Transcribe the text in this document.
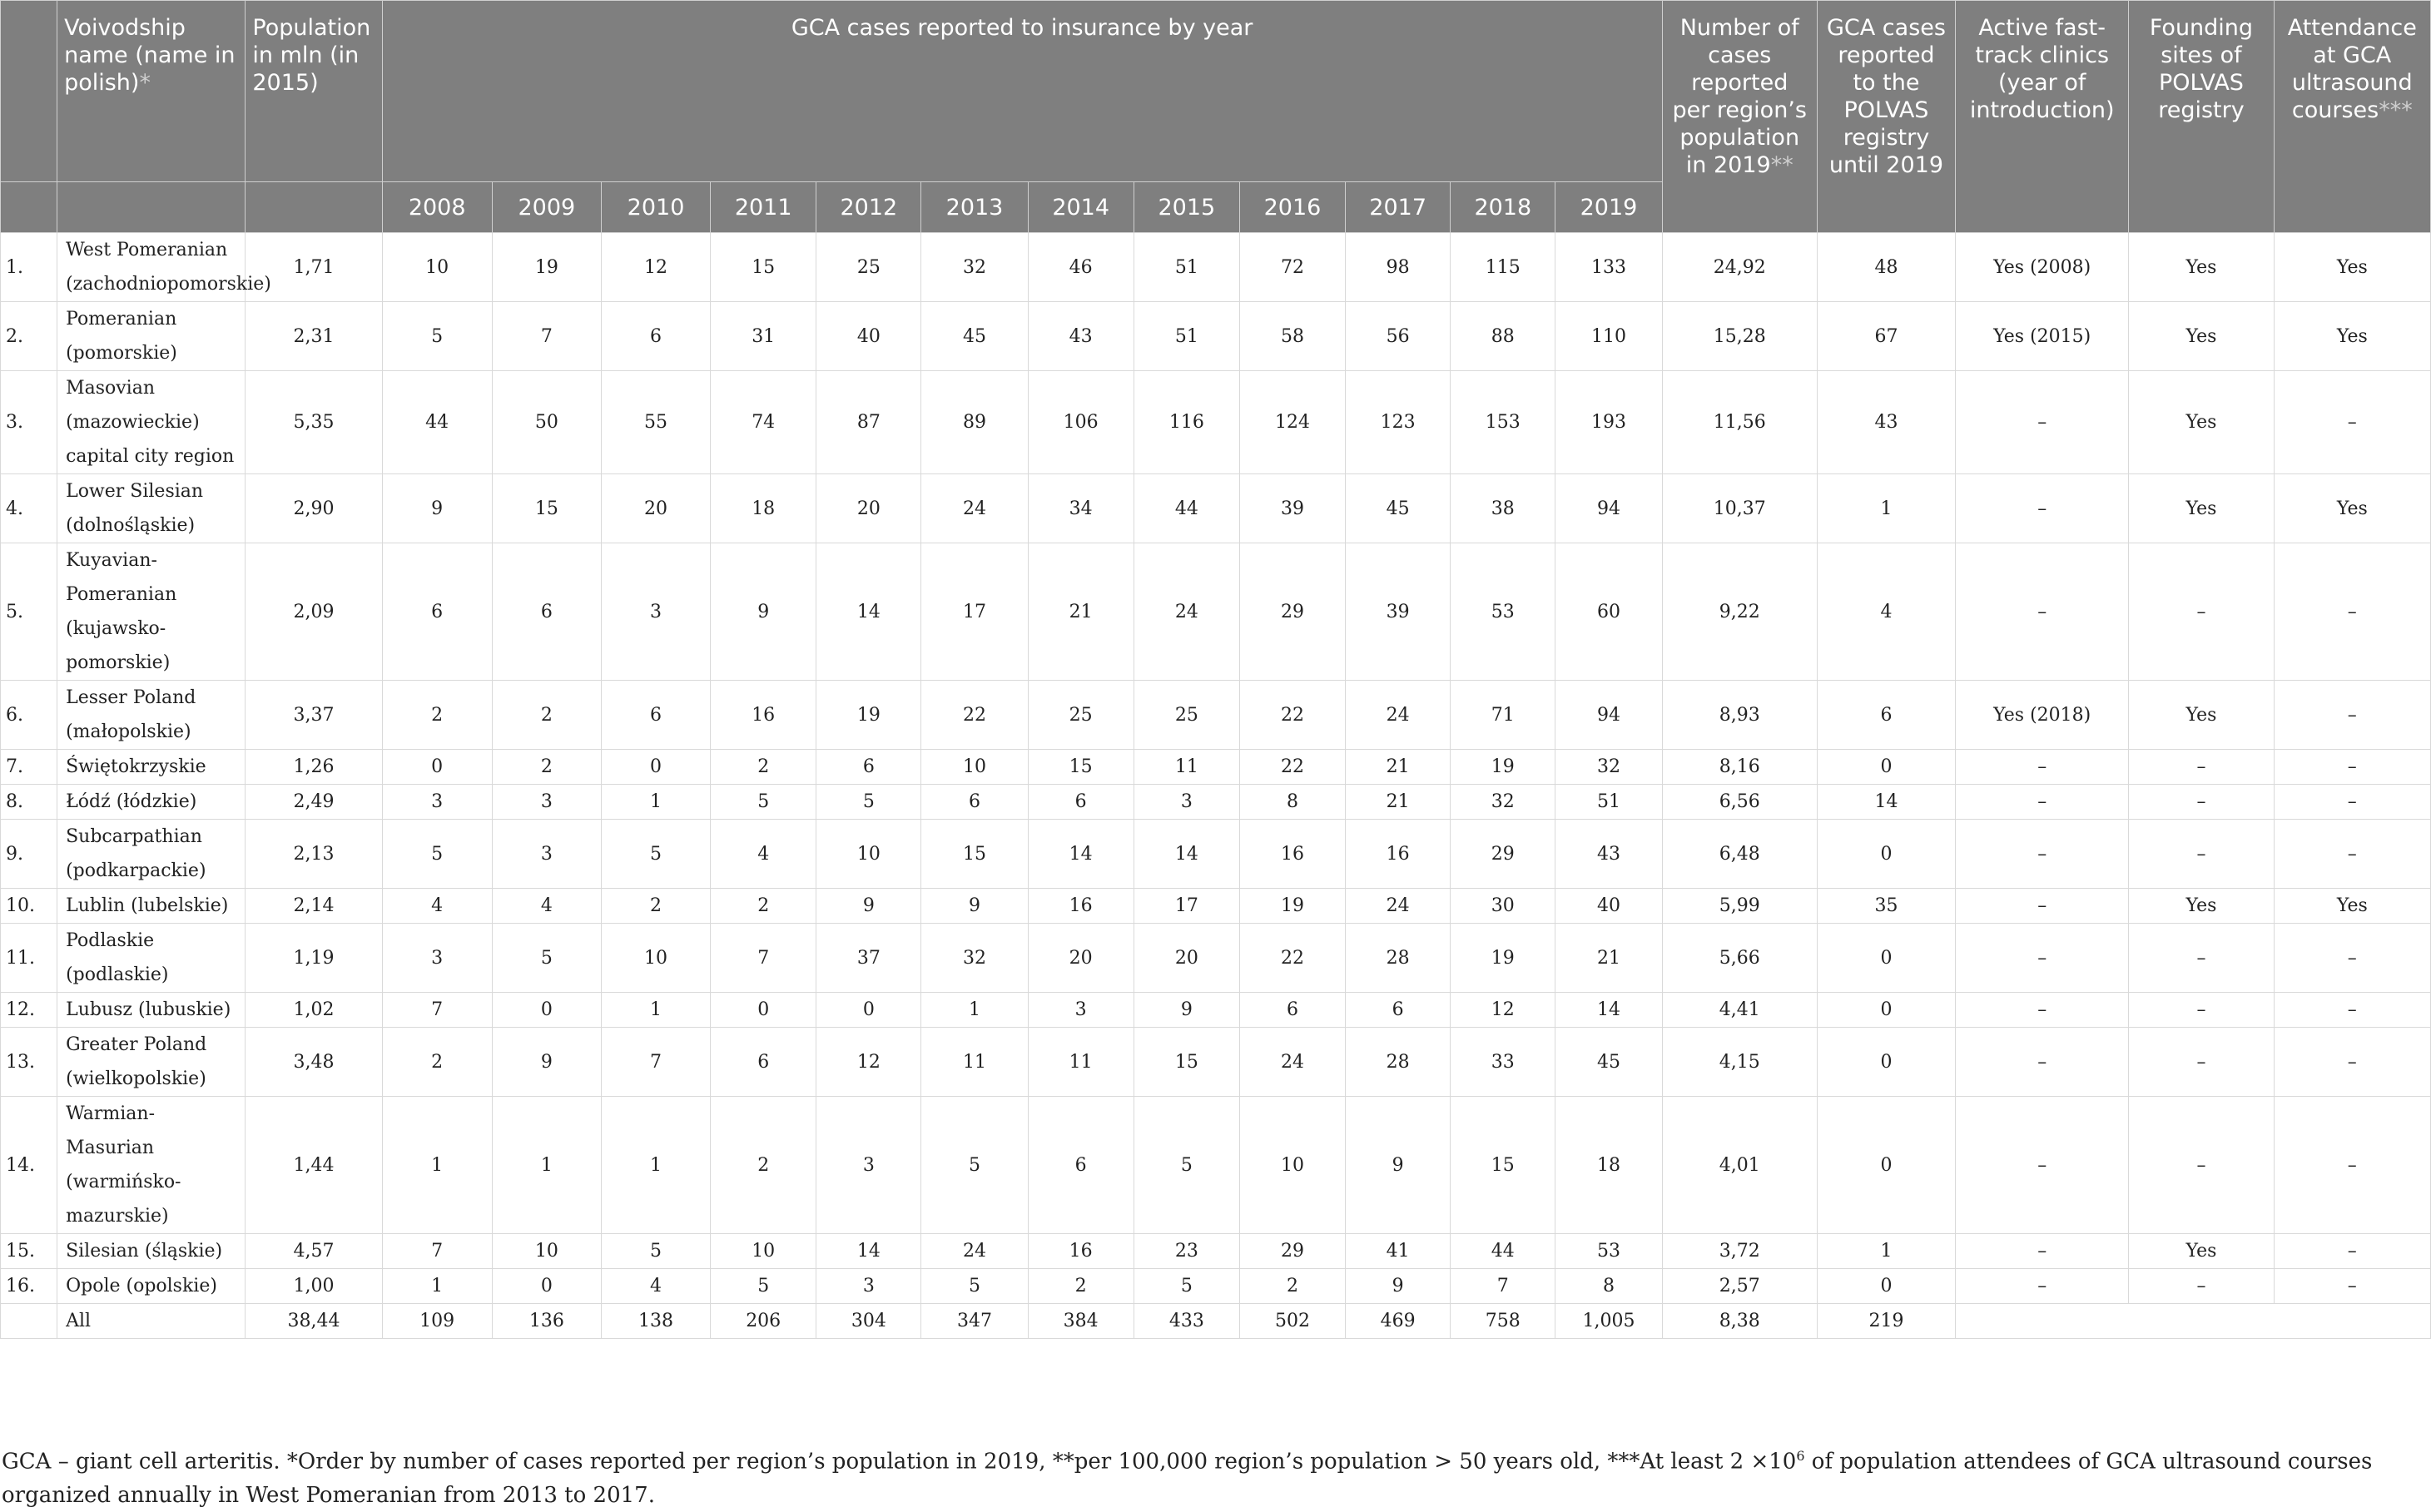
	Voivodship name (name in polish)*	Population in mln (in 2015)	GCA cases reported to insurance by year												Number of cases reported per region’s population in 2019**	GCA cases reported to the POLVAS registry until 2019	Active fast-track clinics (year of introduction)	Founding sites of POLVAS registry	Attendance at GCA ultrasound courses***
			2008	2009	2010	2011	2012	2013	2014	2015	2016	2017	2018	2019					
1.	West Pomeranian (zachodniopomorskie)	1,71	10	19	12	15	25	32	46	51	72	98	115	133	24,92	48	Yes (2008)	Yes	Yes
2.	Pomeranian (pomorskie)	2,31	5	7	6	31	40	45	43	51	58	56	88	110	15,28	67	Yes (2015)	Yes	Yes
3.	Masovian (mazowieckie) capital city region	5,35	44	50	55	74	87	89	106	116	124	123	153	193	11,56	43	–	Yes	–
4.	Lower Silesian (dolnośląskie)	2,90	9	15	20	18	20	24	34	44	39	45	38	94	10,37	1	–	Yes	Yes
5.	Kuyavian-Pomeranian (kujawsko-pomorskie)	2,09	6	6	3	9	14	17	21	24	29	39	53	60	9,22	4	–	–	–
6.	Lesser Poland (małopolskie)	3,37	2	2	6	16	19	22	25	25	22	24	71	94	8,93	6	Yes (2018)	Yes	–
7.	Świętokrzyskie	1,26	0	2	0	2	6	10	15	11	22	21	19	32	8,16	0	–	–	–
8.	Łódź (łódzkie)	2,49	3	3	1	5	5	6	6	3	8	21	32	51	6,56	14	–	–	–
9.	Subcarpathian (podkarpackie)	2,13	5	3	5	4	10	15	14	14	16	16	29	43	6,48	0	–	–	–
10.	Lublin (lubelskie)	2,14	4	4	2	2	9	9	16	17	19	24	30	40	5,99	35	–	Yes	Yes
11.	Podlaskie (podlaskie)	1,19	3	5	10	7	37	32	20	20	22	28	19	21	5,66	0	–	–	–
12.	Lubusz (lubuskie)	1,02	7	0	1	0	0	1	3	9	6	6	12	14	4,41	0	–	–	–
13.	Greater Poland (wielkopolskie)	3,48	2	9	7	6	12	11	11	15	24	28	33	45	4,15	0	–	–	–
14.	Warmian-Masurian (warmińsko-mazurskie)	1,44	1	1	1	2	3	5	6	5	10	9	15	18	4,01	0	–	–	–
15.	Silesian (śląskie)	4,57	7	10	5	10	14	24	16	23	29	41	44	53	3,72	1	–	Yes	–
16.	Opole (opolskie)	1,00	1	0	4	5	3	5	2	5	2	9	7	8	2,57	0	–	–	–
	All	38,44	109	136	138	206	304	347	384	433	502	469	758	1,005	8,38	219			
GCA – giant cell arteritis. *Order by number of cases reported per region’s population in 2019, **per 100,000 region’s population > 50 years old, ***At least 2 ×10$^6$ of population attendees of GCA ultrasound courses organized annually in West Pomeranian from 2013 to 2017.
